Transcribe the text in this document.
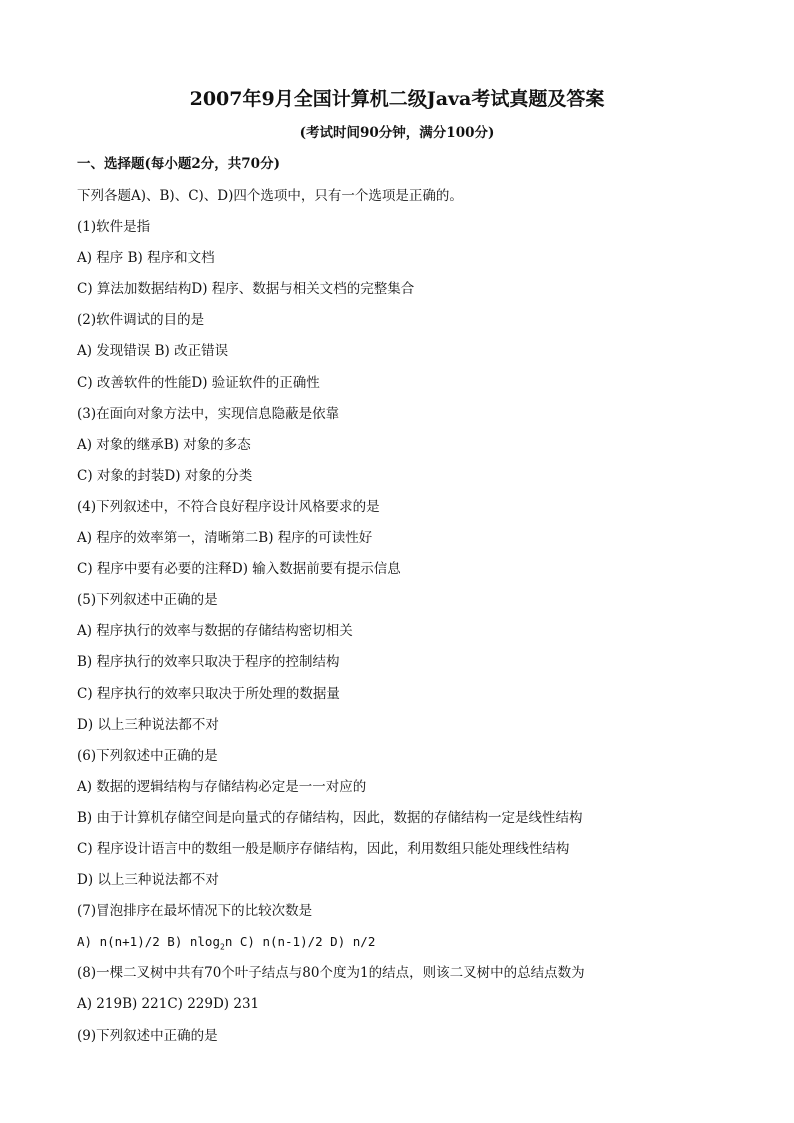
2007年9月全国计算机二级Java考试真题及答案
(考试时间90分钟，满分100分)
一、选择题(每小题2分，共70分)
下列各题A)、B)、C)、D)四个选项中，只有一个选项是正确的。
(1)软件是指
A) 程序 B) 程序和文档
C) 算法加数据结构D) 程序、数据与相关文档的完整集合
(2)软件调试的目的是
A) 发现错误 B) 改正错误
C) 改善软件的性能D) 验证软件的正确性
(3)在面向对象方法中，实现信息隐蔽是依靠
A) 对象的继承B) 对象的多态
C) 对象的封装D) 对象的分类
(4)下列叙述中，不符合良好程序设计风格要求的是
A) 程序的效率第一，清晰第二B) 程序的可读性好
C) 程序中要有必要的注释D) 输入数据前要有提示信息
(5)下列叙述中正确的是
A) 程序执行的效率与数据的存储结构密切相关
B) 程序执行的效率只取决于程序的控制结构
C) 程序执行的效率只取决于所处理的数据量
D) 以上三种说法都不对
(6)下列叙述中正确的是
A) 数据的逻辑结构与存储结构必定是一一对应的
B) 由于计算机存储空间是向量式的存储结构，因此，数据的存储结构一定是线性结构
C) 程序设计语言中的数组一般是顺序存储结构，因此，利用数组只能处理线性结构
D) 以上三种说法都不对
(7)冒泡排序在最坏情况下的比较次数是
A) n(n+1)/2 B) nlog$_2$n C) n(n-1)/2 D) n/2
(8)一棵二叉树中共有70个叶子结点与80个度为1的结点，则该二叉树中的总结点数为
A) 219B) 221C) 229D) 231
(9)下列叙述中正确的是
